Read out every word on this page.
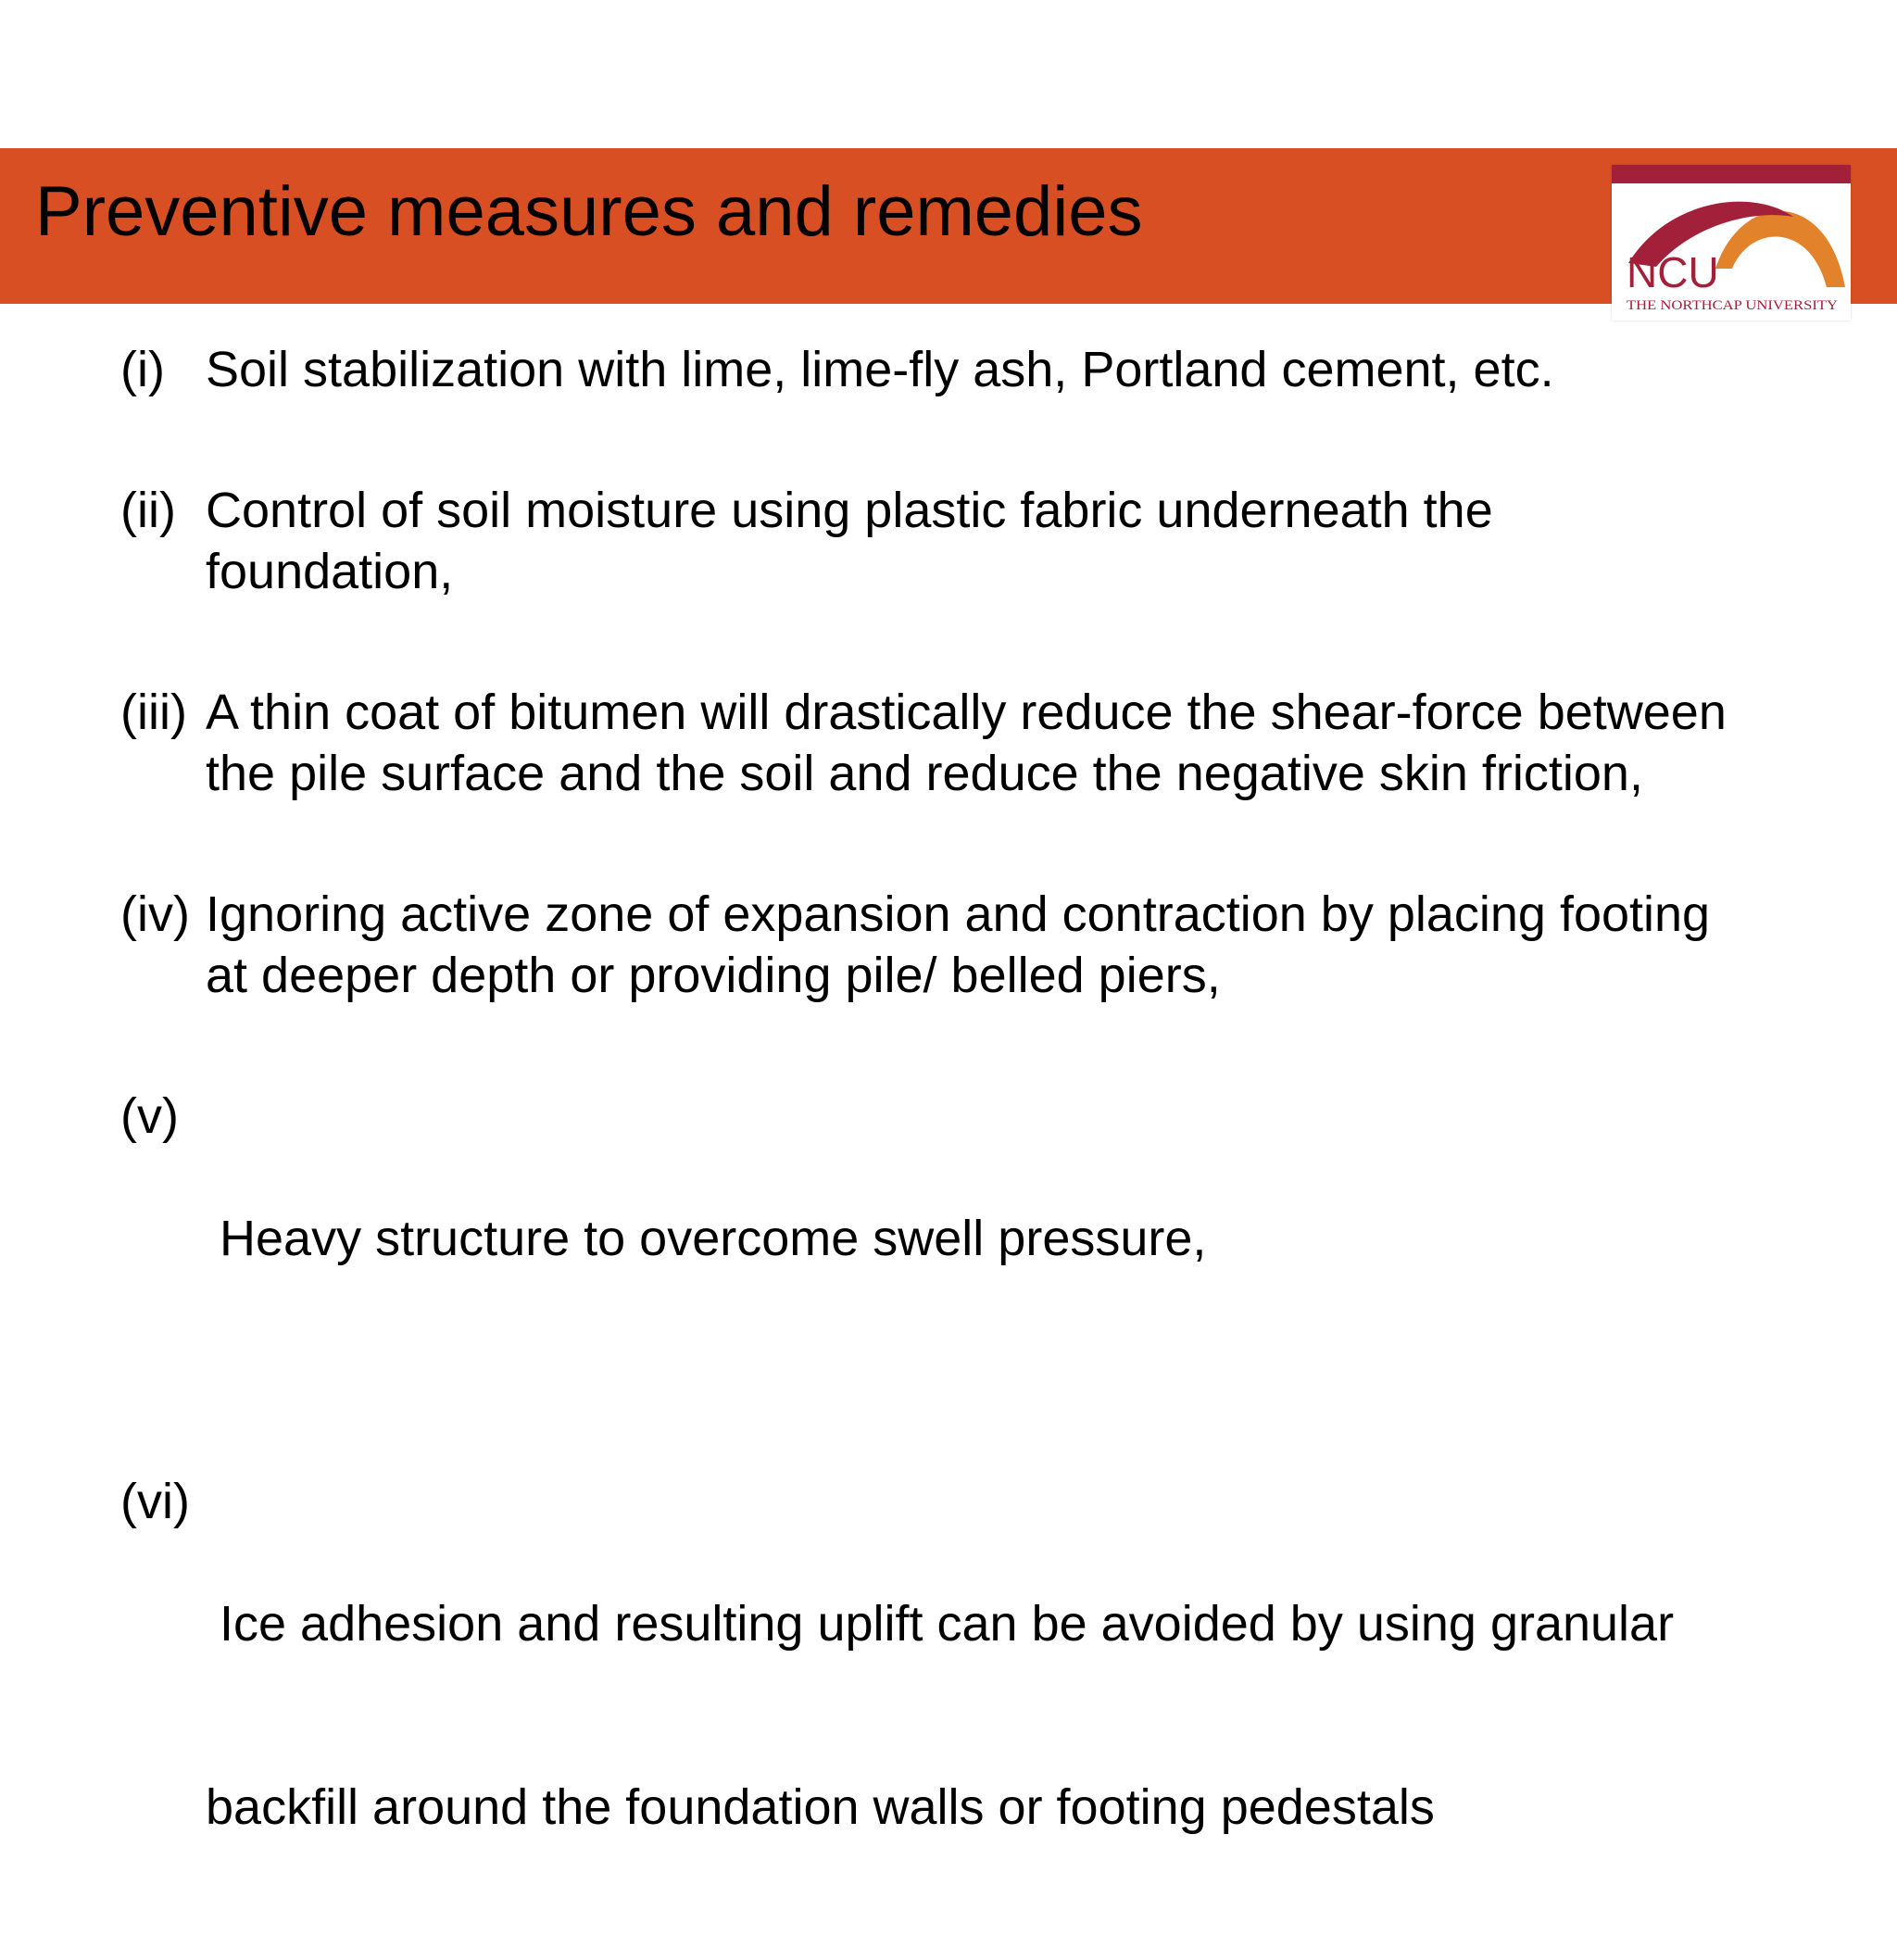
Preventive measures and remedies
NCU
THE NORTHCAP UNIVERSITY
(i) Soil stabilization with lime, lime-fly ash, Portland cement, etc.
(ii) Control of soil moisture using plastic fabric underneath the
foundation,
(iii) A thin coat of bitumen will drastically reduce the shear-force between
the pile surface and the soil and reduce the negative skin friction,
(iv) Ignoring active zone of expansion and contraction by placing footing
at deeper depth or providing pile/ belled piers,
(v)

Heavy structure to overcome swell pressure,

(vi)

Ice adhesion and resulting uplift can be avoided by using granular

backfill around the foundation walls or footing pedestals
